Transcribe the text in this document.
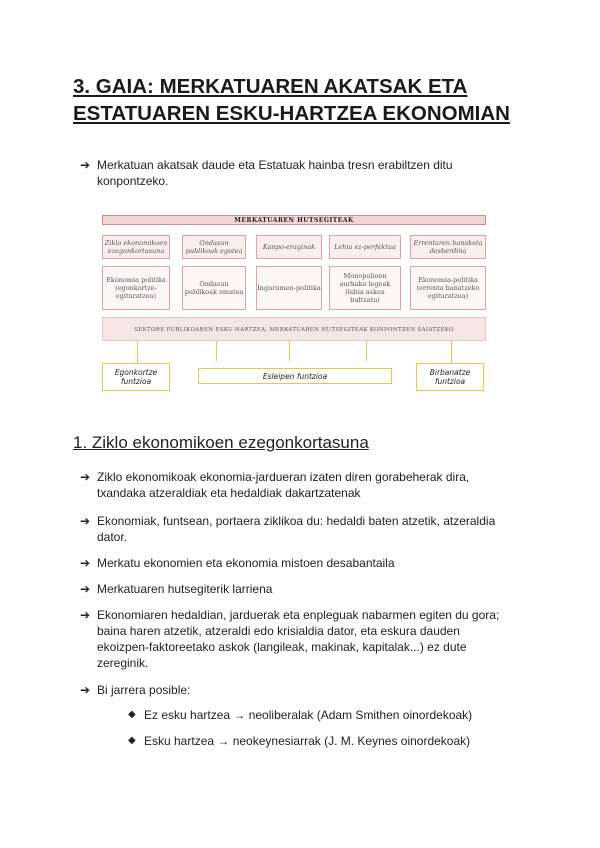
3. GAIA: MERKATUAREN AKATSAK ETA
ESTATUAREN ESKU-HARTZEA EKONOMIAN
➔ Merkatuan akatsak daude eta Estatuak hainba tresn erabiltzen ditu konpontzeko.
MERKATUAREN HUTSEGITEAK
Ziklo ekonomikoen ezegonkortasuna
Ondasun publikoak egotea	Kanpo-eraginak	Lehia ez-perfektua	Errentaren banaketa desberdina
Ekonomia politika (egonkortze-egituratzea)
Ondasun publikoak ematea	Ingurumen-politika
Monopolioen aurkako legeak (lehia askea bultzatu)
Ekonomia-politika (errenta banatzeko egituratzea)
SEKTORE PUBLIKOAREN ESKU-HARTZEA, MERKATUAREN HUTSEGITEAK KONPONTZEN SAIATZEKO
Egonkortze funtzioa
Esleipen funtzioa	Birbanatze funtzioa
1. Ziklo ekonomikoen ezegonkortasuna
➔ Ziklo ekonomikoak ekonomia-jardueran izaten diren gorabeherak dira, txandaka atzeraldiak eta hedaldiak dakartzatenak
➔ Ekonomiak, funtsean, portaera ziklikoa du: hedaldi baten atzetik, atzeraldia dator.
➔ Merkatu ekonomien eta ekonomia mistoen desabantaila
➔ Merkatuaren hutsegiterik larriena
➔ Ekonomiaren hedaldian, jarduerak eta enpleguak nabarmen egiten du gora; baina haren atzetik, atzeraldi edo krisialdia dator, eta eskura dauden ekoizpen-faktoreetako askok (langileak, makinak, kapitalak...) ez dute zereginik.
➔ Bi jarrera posible:
◆ Ez esku hartzea → neoliberalak (Adam Smithen oinordekoak)
◆ Esku hartzea → neokeynesiarrak (J. M. Keynes oinordekoak)
